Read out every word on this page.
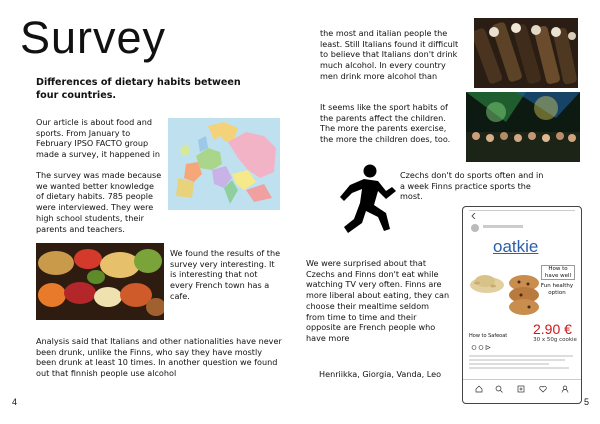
Survey
Differences of dietary habits between four countries.
Our article is about food and sports. From January to February IPSO FACTO group made a survey, it happened in
The survey was made because we wanted better knowledge of dietary habits. 785 people were interviewed. They were high school students, their parents and teachers.
We found the results of the survey very interesting. It is interesting that not every French town has a cafe.
Analysis said that Italians and other nationalities have never been drunk, unlike the Finns, who say they have mostly been drunk at least 10 times. In another question we found out that finnish people use alcohol
4
the most and italian people the least. Still Italians found it difficult to believe that Italians don't drink much alcohol. In every country men drink more alcohol than
It seems like the sport habits of the parents affect the children. The more the parents exercise, the more the children does, too.
Czechs don't do sports often and in a week Finns practice sports the most.
We were surprised about that Czechs and Finns don't eat while watching TV very often. Finns are more liberal about eating, they can choose their mealtime seldom from time to time and their opposite are French people who have more
Henriikka, Giorgia, Vanda, Leo
oatkie
How to have well
Fun healthy option
How to Safeoat 2.90 €
30 x 50g cookie
5
